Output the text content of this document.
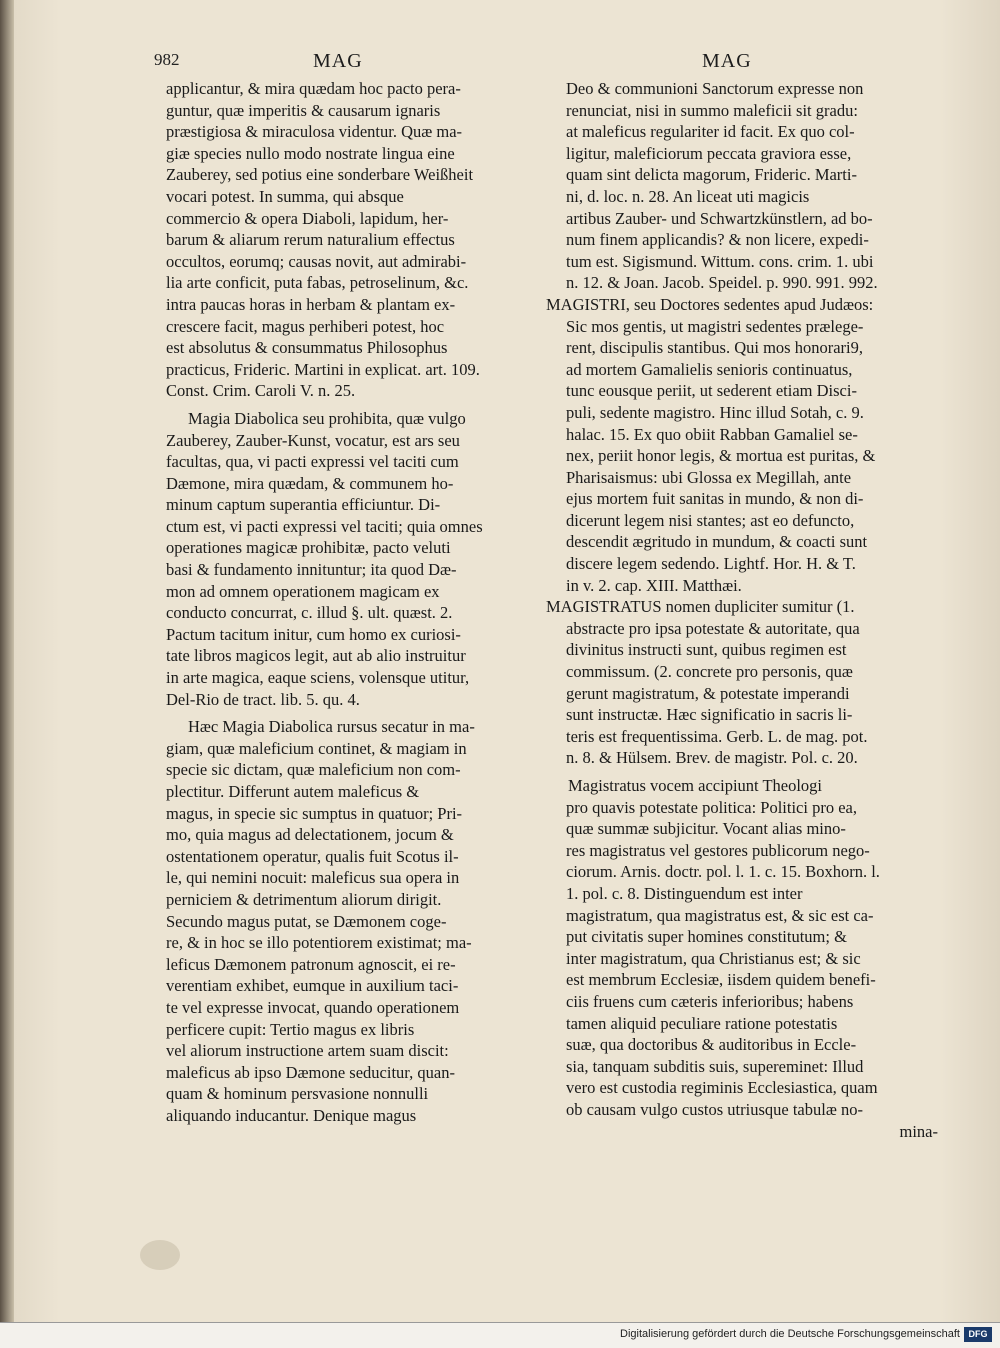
982	MAG	MAG
applicantur, & mira quædam hoc pacto pera-
guntur, quæ imperitis & causarum ignaris
præstigiosa & miraculosa videntur. Quæ ma-
giæ species nullo modo nostrate lingua eine
Zauberey, sed potius eine sonderbare Weißheit
vocari potest. In summa, qui absque
commercio & opera Diaboli, lapidum, her-
barum & aliarum rerum naturalium effectus
occultos, eorumq; causas novit, aut admirabi-
lia arte conficit, puta fabas, petroselinum, &c.
intra paucas horas in herbam & plantam ex-
crescere facit, magus perhiberi potest, hoc
est absolutus & consummatus Philosophus
practicus, Frideric. Martini in explicat. art. 109.
Const. Crim. Caroli V. n. 25.
Magia Diabolica seu prohibita, quæ vulgo
Zauberey, Zauber-Kunst, vocatur, est ars seu
facultas, qua, vi pacti expressi vel taciti cum
Dæmone, mira quædam, & communem ho-
minum captum superantia efficiuntur. Di-
ctum est, vi pacti expressi vel taciti; quia omnes
operationes magicæ prohibitæ, pacto veluti
basi & fundamento innituntur; ita quod Dæ-
mon ad omnem operationem magicam ex
conducto concurrat, c. illud §. ult. quæst. 2.
Pactum tacitum initur, cum homo ex curiosi-
tate libros magicos legit, aut ab alio instruitur
in arte magica, eaque sciens, volensque utitur,
Del-Rio de tract. lib. 5. qu. 4.
Hæc Magia Diabolica rursus secatur in ma-
giam, quæ maleficium continet, & magiam in
specie sic dictam, quæ maleficium non com-
plectitur. Differunt autem maleficus &
magus, in specie sic sumptus in quatuor; Pri-
mo, quia magus ad delectationem, jocum &
ostentationem operatur, qualis fuit Scotus il-
le, qui nemini nocuit: maleficus sua opera in
perniciem & detrimentum aliorum dirigit.
Secundo magus putat, se Dæmonem coge-
re, & in hoc se illo potentiorem existimat; ma-
leficus Dæmonem patronum agnoscit, ei re-
verentiam exhibet, eumque in auxilium taci-
te vel expresse invocat, quando operationem
perficere cupit: Tertio magus ex libris
vel aliorum instructione artem suam discit:
maleficus ab ipso Dæmone seducitur, quan-
quam & hominum persvasione nonnulli
aliquando inducantur. Denique magus
Deo & communioni Sanctorum expresse non
renunciat, nisi in summo maleficii sit gradu:
at maleficus regulariter id facit. Ex quo col-
ligitur, maleficiorum peccata graviora esse,
quam sint delicta magorum, Frideric. Marti-
ni, d. loc. n. 28. An liceat uti magicis
artibus Zauber- und Schwartzkünstlern, ad bo-
num finem applicandis? & non licere, expedi-
tum est. Sigismund. Wittum. cons. crim. 1. ubi
n. 12. & Joan. Jacob. Speidel. p. 990. 991. 992.
MAGISTRI, seu Doctores sedentes apud Judæos:
Sic mos gentis, ut magistri sedentes prælege-
rent, discipulis stantibus. Qui mos honorari9,
ad mortem Gamalielis senioris continuatus,
tunc eousque periit, ut sederent etiam Disci-
puli, sedente magistro. Hinc illud Sotah, c. 9.
halac. 15. Ex quo obiit Rabban Gamaliel se-
nex, periit honor legis, & mortua est puritas, &
Pharisaismus: ubi Glossa ex Megillah, ante
ejus mortem fuit sanitas in mundo, & non di-
dicerunt legem nisi stantes; ast eo defuncto,
descendit ægritudo in mundum, & coacti sunt
discere legem sedendo. Lightf. Hor. H. & T.
in v. 2. cap. XIII. Matthæi.
MAGISTRATUS nomen dupliciter sumitur (1.
abstracte pro ipsa potestate & autoritate, qua
divinitus instructi sunt, quibus regimen est
commissum. (2. concrete pro personis, quæ
gerunt magistratum, & potestate imperandi
sunt instructæ. Hæc significatio in sacris li-
teris est frequentissima. Gerb. L. de mag. pot.
n. 8. & Hülsem. Brev. de magistr. Pol. c. 20.
Magistratus vocem accipiunt Theologi
pro quavis potestate politica: Politici pro ea,
quæ summæ subjicitur. Vocant alias mino-
res magistratus vel gestores publicorum nego-
ciorum. Arnis. doctr. pol. l. 1. c. 15. Boxhorn. l.
1. pol. c. 8. Distinguendum est inter
magistratum, qua magistratus est, & sic est ca-
put civitatis super homines constitutum; &
inter magistratum, qua Christianus est; & sic
est membrum Ecclesiæ, iisdem quidem benefi-
ciis fruens cum cæteris inferioribus; habens
tamen aliquid peculiare ratione potestatis
suæ, qua doctoribus & auditoribus in Eccle-
sia, tanquam subditis suis, supereminet: Illud
vero est custodia regiminis Ecclesiastica, quam
ob causam vulgo custos utriusque tabulæ no-
mina-
Digitalisierung gefördert durch die Deutsche Forschungsgemeinschaft DFG
